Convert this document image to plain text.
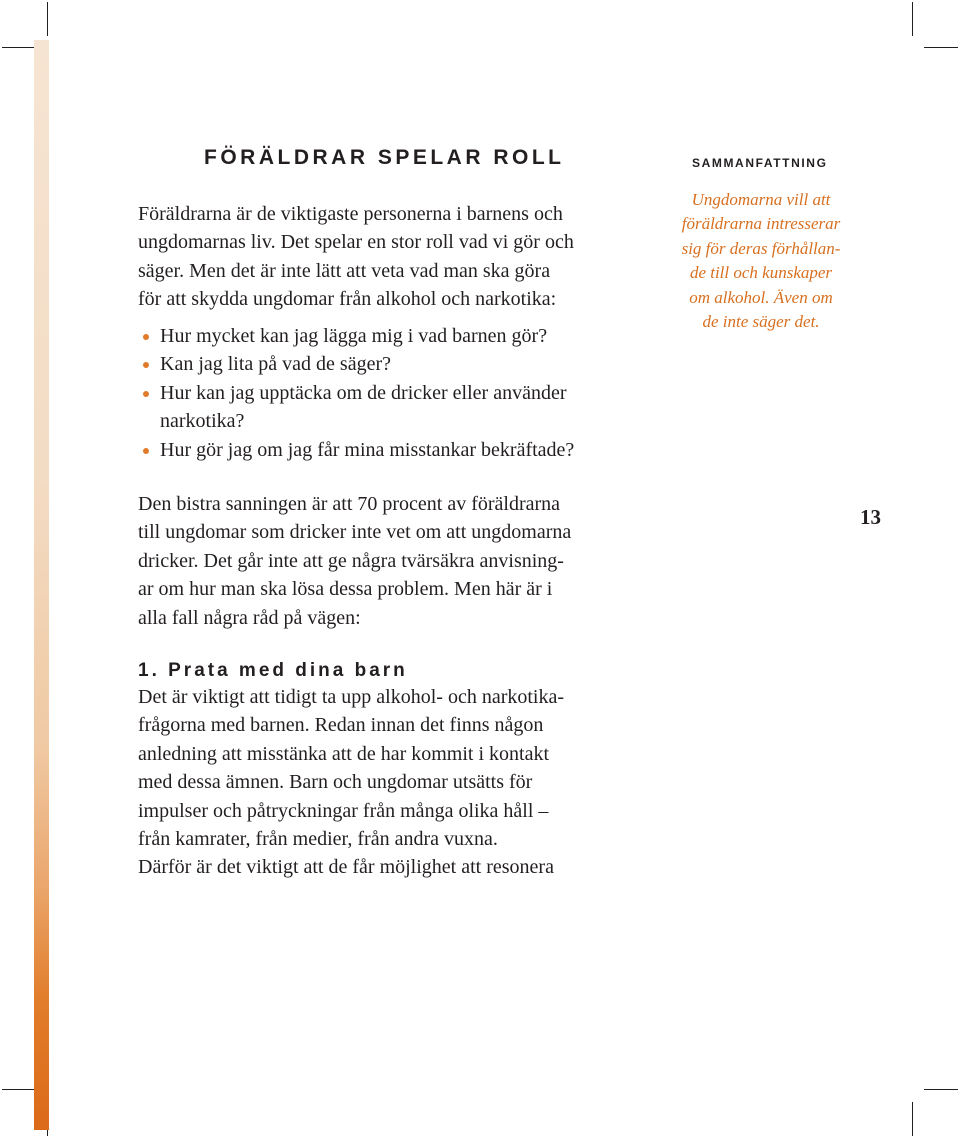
FÖRÄLDRAR SPELAR ROLL	SAMMANFATTNING

Ungdomarna vill att
föräldrarna intresserar
sig för deras förhållan-
de till och kunskaper
om alkohol. Även om
de inte säger det.

Föräldrarna är de viktigaste personerna i barnens och
ungdomarnas liv. Det spelar en stor roll vad vi gör och
säger. Men det är inte lätt att veta vad man ska göra
för att skydda ungdomar från alkohol och narkotika:

Hur mycket kan jag lägga mig i vad barnen gör?
Kan jag lita på vad de säger?
Hur kan jag upptäcka om de dricker eller använder
narkotika?
Hur gör jag om jag får mina misstankar bekräftade?

Den bistra sanningen är att 70 procent av föräldrarna
till ungdomar som dricker inte vet om att ungdomarna
dricker. Det går inte att ge några tvärsäkra anvisning-
ar om hur man ska lösa dessa problem. Men här är i
alla fall några råd på vägen:

13
1. Prata med dina barn

Det är viktigt att tidigt ta upp alkohol- och narkotika-
frågorna med barnen. Redan innan det finns någon
anledning att misstänka att de har kommit i kontakt
med dessa ämnen. Barn och ungdomar utsätts för
impulser och påtryckningar från många olika håll –
från kamrater, från medier, från andra vuxna.
Därför är det viktigt att de får möjlighet att resonera
